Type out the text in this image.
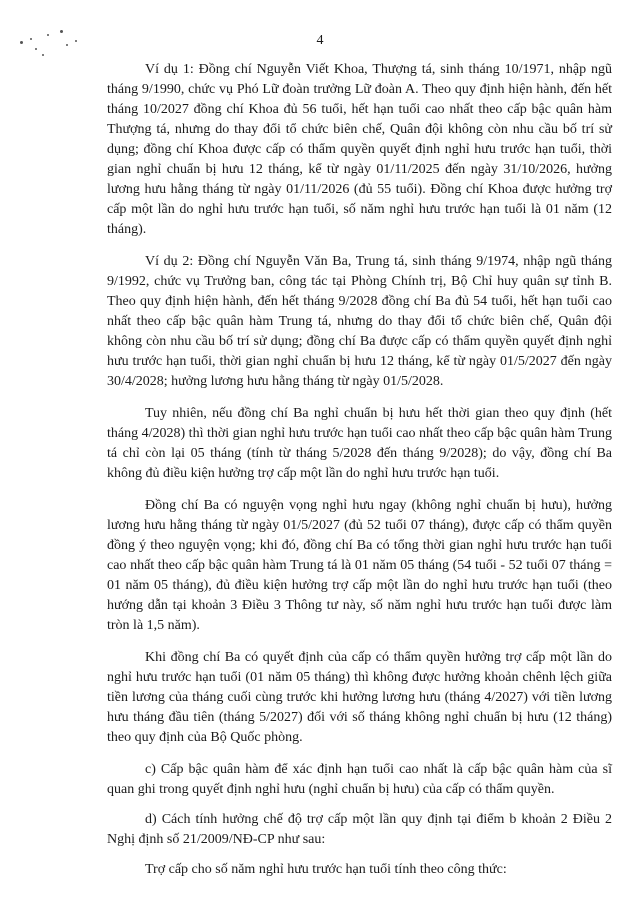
4

Ví dụ 1: Đồng chí Nguyễn Viết Khoa, Thượng tá, sinh tháng 10/1971, nhập ngũ tháng 9/1990, chức vụ Phó Lữ đoàn trưởng Lữ đoàn A. Theo quy định hiện hành, đến hết tháng 10/2027 đồng chí Khoa đủ 56 tuổi, hết hạn tuổi cao nhất theo cấp bậc quân hàm Thượng tá, nhưng do thay đổi tổ chức biên chế, Quân đội không còn nhu cầu bố trí sử dụng; đồng chí Khoa được cấp có thẩm quyền quyết định nghỉ hưu trước hạn tuổi, thời gian nghỉ chuẩn bị hưu 12 tháng, kể từ ngày 01/11/2025 đến ngày 31/10/2026, hưởng lương hưu hằng tháng từ ngày 01/11/2026 (đủ 55 tuổi). Đồng chí Khoa được hưởng trợ cấp một lần do nghỉ hưu trước hạn tuổi, số năm nghỉ hưu trước hạn tuổi là 01 năm (12 tháng).

Ví dụ 2: Đồng chí Nguyễn Văn Ba, Trung tá, sinh tháng 9/1974, nhập ngũ tháng 9/1992, chức vụ Trưởng ban, công tác tại Phòng Chính trị, Bộ Chỉ huy quân sự tỉnh B. Theo quy định hiện hành, đến hết tháng 9/2028 đồng chí Ba đủ 54 tuổi, hết hạn tuổi cao nhất theo cấp bậc quân hàm Trung tá, nhưng do thay đổi tổ chức biên chế, Quân đội không còn nhu cầu bố trí sử dụng; đồng chí Ba được cấp có thẩm quyền quyết định nghỉ hưu trước hạn tuổi, thời gian nghỉ chuẩn bị hưu 12 tháng, kể từ ngày 01/5/2027 đến ngày 30/4/2028; hưởng lương hưu hằng tháng từ ngày 01/5/2028.

Tuy nhiên, nếu đồng chí Ba nghỉ chuẩn bị hưu hết thời gian theo quy định (hết tháng 4/2028) thì thời gian nghỉ hưu trước hạn tuổi cao nhất theo cấp bậc quân hàm Trung tá chỉ còn lại 05 tháng (tính từ tháng 5/2028 đến tháng 9/2028); do vậy, đồng chí Ba không đủ điều kiện hưởng trợ cấp một lần do nghỉ hưu trước hạn tuổi.

Đồng chí Ba có nguyện vọng nghỉ hưu ngay (không nghỉ chuẩn bị hưu), hưởng lương hưu hằng tháng từ ngày 01/5/2027 (đủ 52 tuổi 07 tháng), được cấp có thẩm quyền đồng ý theo nguyện vọng; khi đó, đồng chí Ba có tổng thời gian nghỉ hưu trước hạn tuổi cao nhất theo cấp bậc quân hàm Trung tá là 01 năm 05 tháng (54 tuổi - 52 tuổi 07 tháng = 01 năm 05 tháng), đủ điều kiện hưởng trợ cấp một lần do nghỉ hưu trước hạn tuổi (theo hướng dẫn tại khoản 3 Điều 3 Thông tư này, số năm nghỉ hưu trước hạn tuổi được làm tròn là 1,5 năm).

Khi đồng chí Ba có quyết định của cấp có thẩm quyền hưởng trợ cấp một lần do nghỉ hưu trước hạn tuổi (01 năm 05 tháng) thì không được hưởng khoản chênh lệch giữa tiền lương của tháng cuối cùng trước khi hưởng lương hưu (tháng 4/2027) với tiền lương hưu tháng đầu tiên (tháng 5/2027) đối với số tháng không nghỉ chuẩn bị hưu (12 tháng) theo quy định của Bộ Quốc phòng.

c) Cấp bậc quân hàm để xác định hạn tuổi cao nhất là cấp bậc quân hàm của sĩ quan ghi trong quyết định nghỉ hưu (nghỉ chuẩn bị hưu) của cấp có thẩm quyền.

d) Cách tính hưởng chế độ trợ cấp một lần quy định tại điểm b khoản 2 Điều 2 Nghị định số 21/2009/NĐ-CP như sau:

Trợ cấp cho số năm nghỉ hưu trước hạn tuổi tính theo công thức:
